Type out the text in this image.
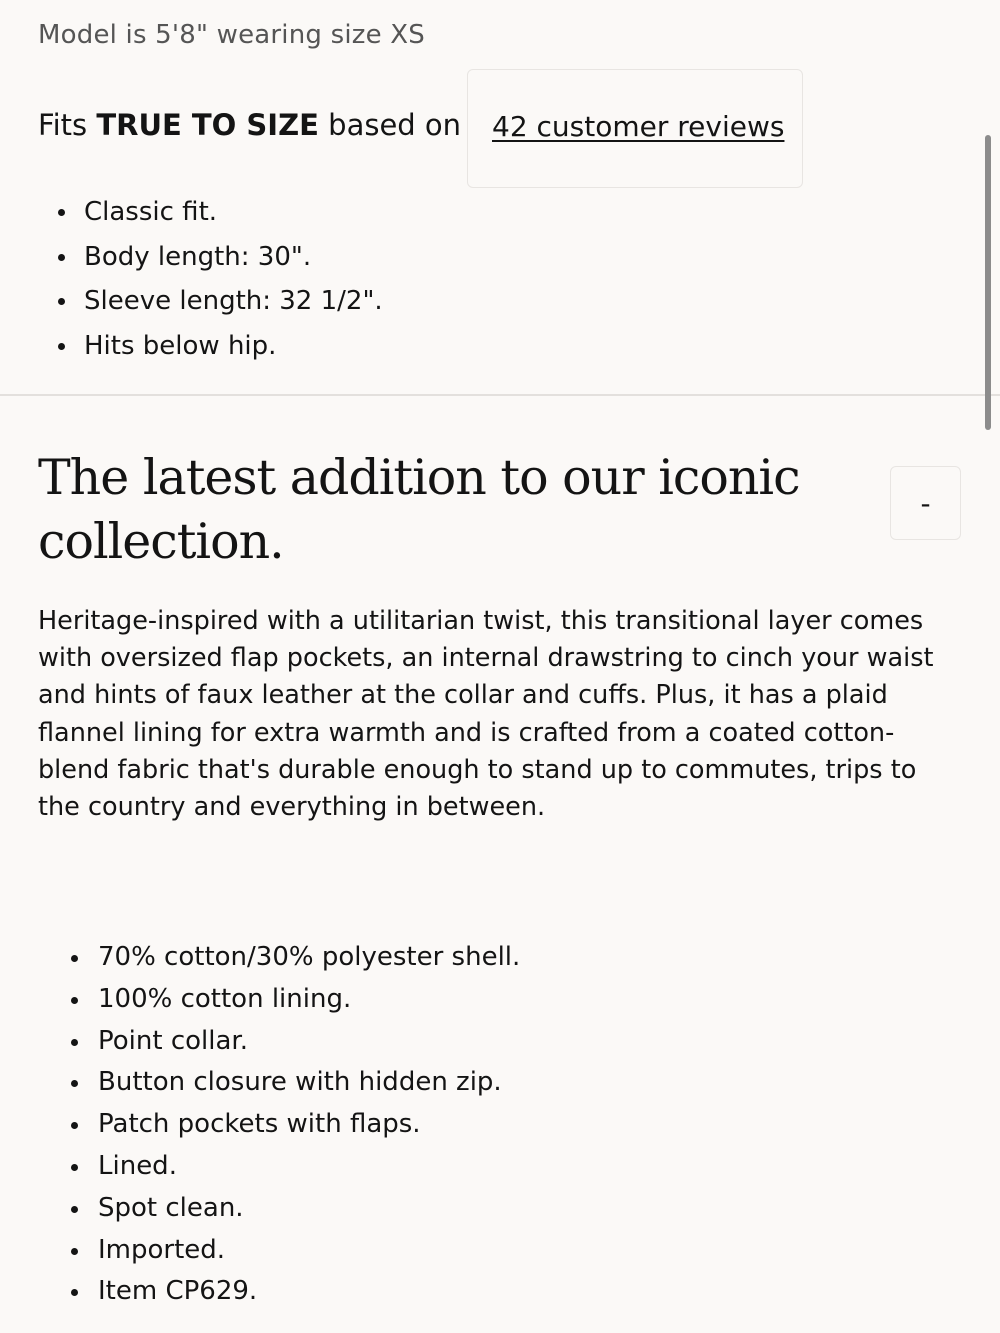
Model is 5'8" wearing size XS
Fits TRUE TO SIZE based on 42 customer reviews
Classic fit.
Body length: 30".
Sleeve length: 32 1/2".
Hits below hip.
The latest addition to our iconic collection.
-

Heritage-inspired with a utilitarian twist, this transitional layer comes with oversized flap pockets, an internal drawstring to cinch your waist and hints of faux leather at the collar and cuffs. Plus, it has a plaid flannel lining for extra warmth and is crafted from a coated cotton-blend fabric that's durable enough to stand up to commutes, trips to the country and everything in between.

70% cotton/30% polyester shell.
100% cotton lining.
Point collar.
Button closure with hidden zip.
Patch pockets with flaps.
Lined.
Spot clean.
Imported.
Item CP629.
